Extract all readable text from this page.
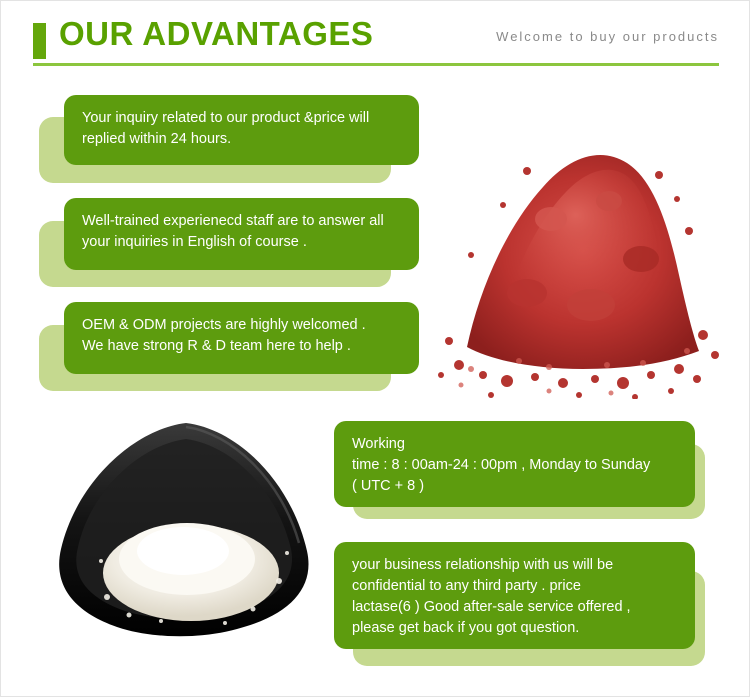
OUR ADVANTAGES	Welcome to buy our products
Your inquiry related to our product &price will
replied within 24 hours.
Well-trained experienecd staff are to answer all
your inquiries in English of course .
OEM & ODM projects are highly welcomed .
We have strong R & D team here to help .
Working
time : 8 : 00am-24 : 00pm , Monday to Sunday
( UTC + 8 )
your business relationship with us will be
confidential to any third party . price
lactase(6 ) Good after-sale service offered ,
please get back if you got question.
